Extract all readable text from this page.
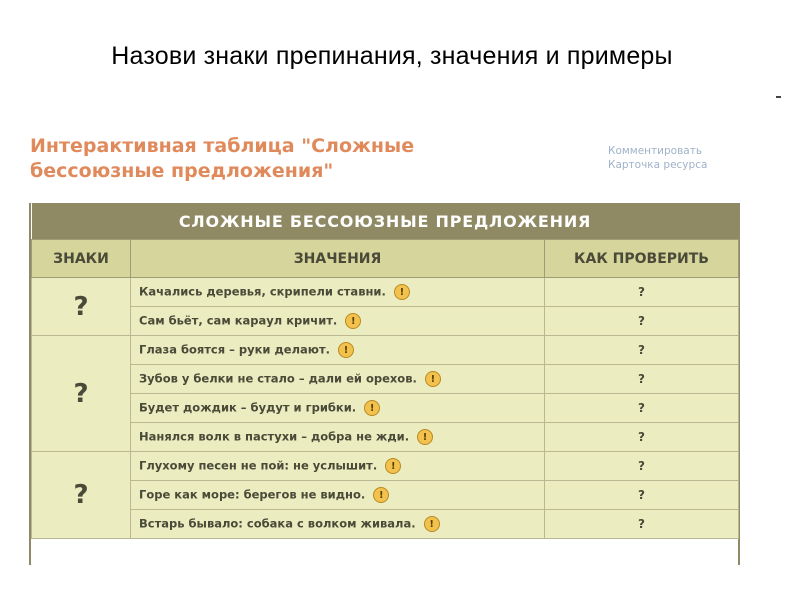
Назови знаки препинания, значения и примеры
Интерактивная таблица "Сложные
бессоюзные предложения"
Комментировать
Карточка ресурса
СЛОЖНЫЕ БЕССОЮЗНЫЕ ПРЕДЛОЖЕНИЯ		
ЗНАКИ	ЗНАЧЕНИЯ	КАК ПРОВЕРИТЬ
?	Качались деревья, скрипели ставни. !	?
	Сам бьёт, сам караул кричит. !	?
?	Глаза боятся – руки делают. !	?
	Зубов у белки не стало – дали ей орехов. !	?
	Будет дождик – будут и грибки. !	?
	Нанялся волк в пастухи – добра не жди. !	?
?	Глухому песен не пой: не услышит. !	?
	Горе как море: берегов не видно. !	?
	Встарь бывало: собака с волком живала. !	?
